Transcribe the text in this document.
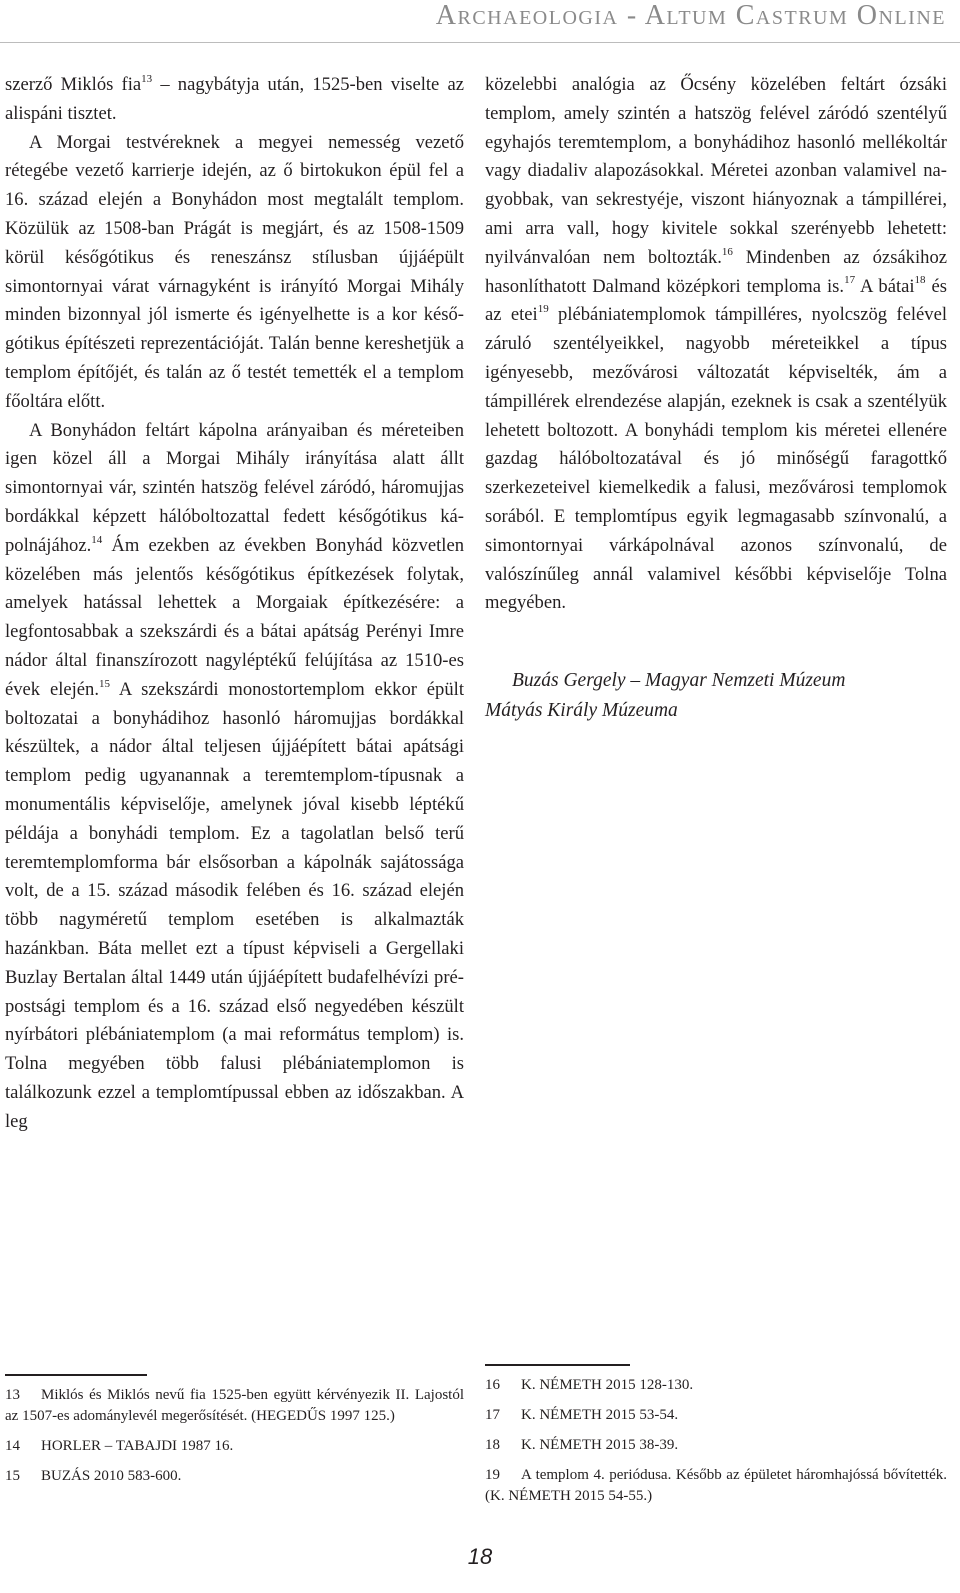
Archaeologia - Altum Castrum Online

szerző Miklós fia$^{13}$ – nagybátyja után, 1525-ben viselte az alispáni tisztet.

A Morgai testvéreknek a megyei nemesség vezető rétegébe vezető karrierje idején, az ő birtokukon épül fel a 16. század elején a Bonyhádon most megtalált templom. Közülük az 1508-ban Prágát is megjárt, és az 1508-1509 körül későgótikus és reneszánsz stílusban újjáépült simontornyai várat várnagyként is irányító Morgai Mihály minden bizonnyal jól ismerte és igényelhette is a kor későgótikus építészeti reprezentációját. Talán benne kereshetjük a templom építőjét, és talán az ő testét temették el a templom főoltára előtt.

A Bonyhádon feltárt kápolna arányaiban és méreteiben igen közel áll a Morgai Mihály irányítása alatt állt simontornyai vár, szintén hatszög felével záródó, háromujjas bordákkal képzett hálóboltozattal fedett későgótikus kápolnájához.$^{14}$ Ám ezekben az években Bonyhád közvetlen közelében más jelentős későgótikus építkezések folytak, amelyek hatással lehettek a Morgaiak építkezésére: a legfontosabbak a szekszárdi és a bátai apátság Perényi Imre nádor által finanszírozott nagyléptékű felújítása az 1510-es évek elején.$^{15}$ A szekszárdi monostortemplom ekkor épült boltozatai a bonyhádihoz hasonló háromujjas bordákkal készültek, a nádor által teljesen újjáépített bátai apátsági templom pedig ugyanannak a teremtemplom-típusnak a monumentális képviselője, amelynek jóval kisebb léptékű példája a bonyhádi templom. Ez a tagolatlan belső terű teremtemplomforma bár elsősorban a kápolnák sajátossága volt, de a 15. század második felében és 16. század elején több nagyméretű templom esetében is alkalmazták hazánkban. Báta mellet ezt a típust képviseli a Gergellaki Buzlay Bertalan által 1449 után újjáépített budafelhévízi prépostsági templom és a 16. század első negyedében készült nyírbátori plébániatemplom (a mai református templom) is. Tolna megyében több falusi plébániatemplomon is találkozunk ezzel a templomtípussal ebben az időszakban. A leg

közelebbi analógia az Őcsény közelében feltárt ózsáki templom, amely szintén a hatszög felével záródó szentélyű egyhajós teremtemplom, a bonyhádihoz hasonló mellékoltár vagy diadaliv alapozásokkal. Méretei azonban valamivel nagyobbak, van sekrestyéje, viszont hiányoznak a támpillérei, ami arra vall, hogy kivitele sokkal szerényebb lehetett: nyilvánvalóan nem boltozták.$^{16}$ Mindenben az ózsákihoz hasonlíthatott Dalmand középkori temploma is.$^{17}$ A bátai$^{18}$ és az etei$^{19}$ plébániatemplomok támpilléres, nyolcszög felével záruló szentélyeikkel, nagyobb méreteikkel a típus igényesebb, mezővárosi változatát képviselték, ám a támpillérek elrendezése alapján, ezeknek is csak a szentélyük lehetett boltozott. A bonyhádi templom kis méretei ellenére gazdag hálóboltozatával és jó minőségű faragottkő szerkezeteivel kiemelkedik a falusi, mezővárosi templomok sorából. E templomtípus egyik legmagasabb színvonalú, a simontornyai várkápolnával azonos színvonalú, de valószínűleg annál valamivel későbbi képviselője Tolna megyében.

Buzás Gergely – Magyar Nemzeti Múzeum
Mátyás Király Múzeuma

13 Miklós és Miklós nevű fia 1525-ben együtt kérvényezik II. Lajostól az 1507-es adománylevél megerősítését. (HEGEDŰS 1997 125.)

14 HORLER – TABAJDI 1987 16.

15 BUZÁS 2010 583-600.

16 K. NÉMETH 2015 128-130.

17 K. NÉMETH 2015 53-54.

18 K. NÉMETH 2015 38-39.

19 A templom 4. periódusa. Később az épületet háromhajóssá bővítették. (K. NÉMETH 2015 54-55.)

18
